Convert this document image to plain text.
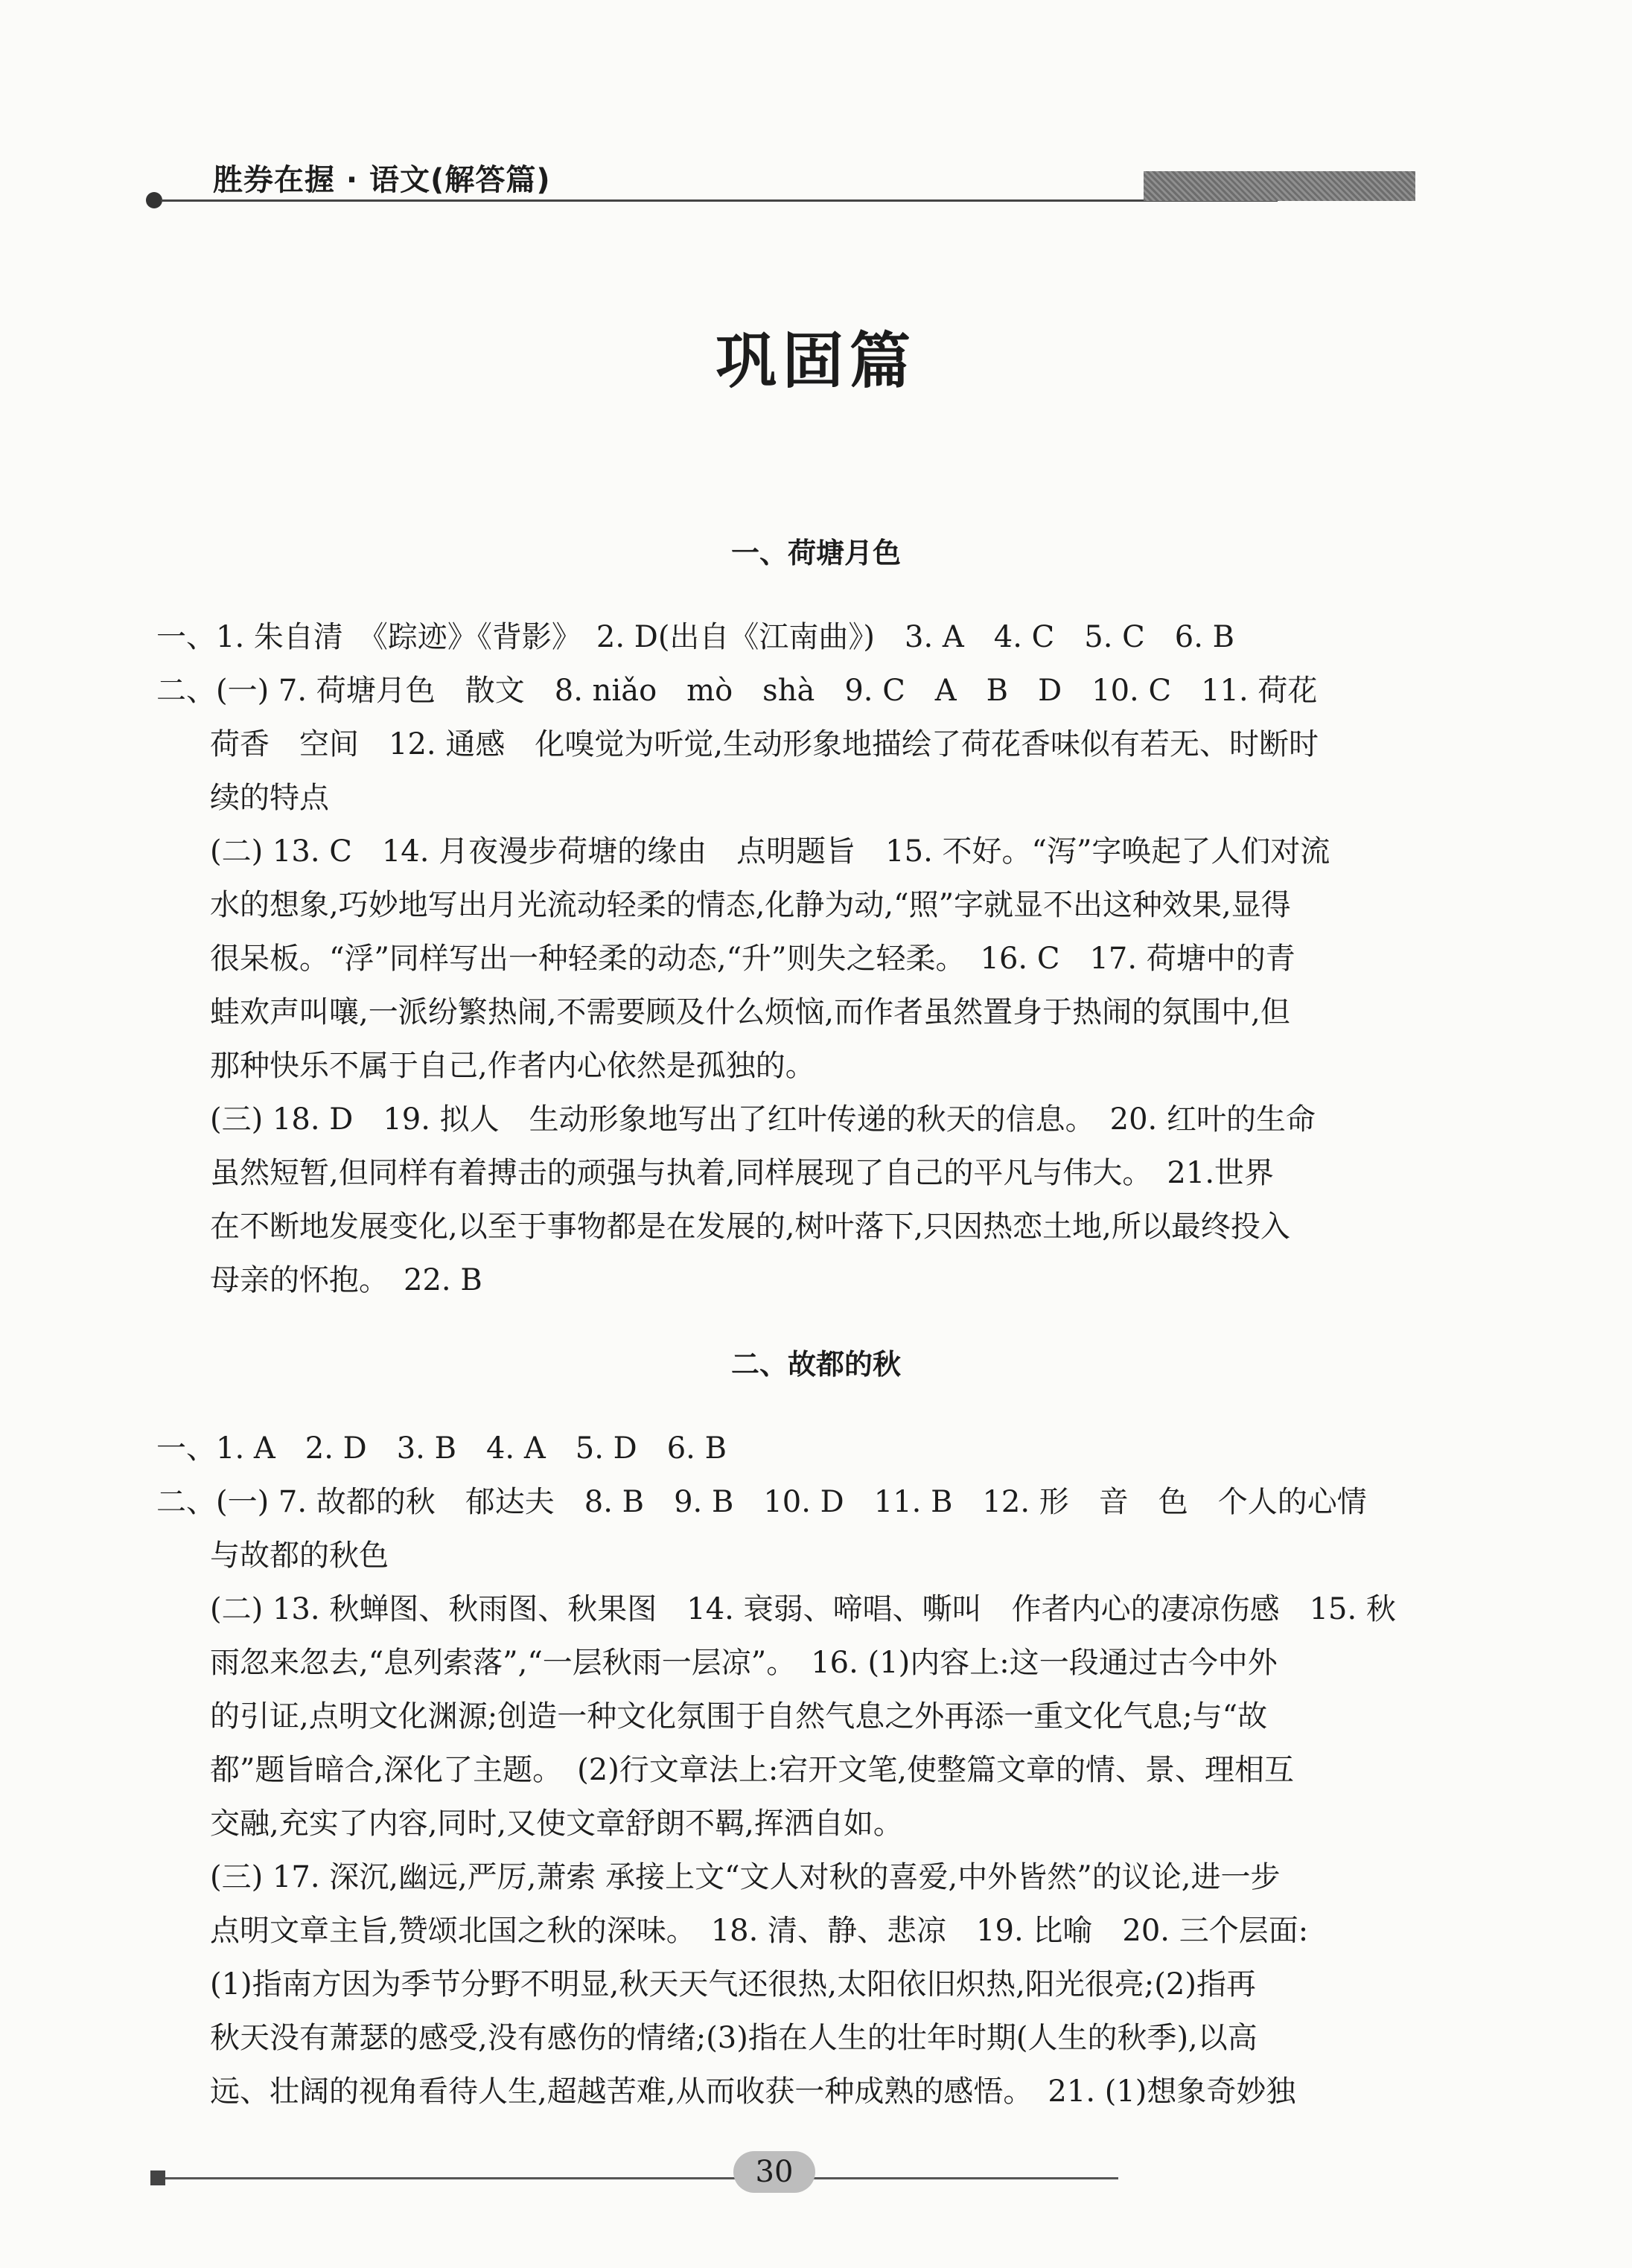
胜券在握 · 语文(解答篇)
巩固篇
一、荷塘月色
一、1. 朱自清　《踪迹》《背影》　2. D(出自《江南曲》)　3. A　4. C　5. C　6. B
二、(一) 7. 荷塘月色　散文　8. niǎo　mò　shà　9. C　A　B　D　10. C　11. 荷花
荷香　空间　12. 通感　化嗅觉为听觉,生动形象地描绘了荷花香味似有若无、时断时
续的特点
(二) 13. C　14. 月夜漫步荷塘的缘由　点明题旨　15. 不好。“泻”字唤起了人们对流
水的想象,巧妙地写出月光流动轻柔的情态,化静为动,“照”字就显不出这种效果,显得
很呆板。“浮”同样写出一种轻柔的动态,“升”则失之轻柔。　16. C　17. 荷塘中的青
蛙欢声叫嚷,一派纷繁热闹,不需要顾及什么烦恼,而作者虽然置身于热闹的氛围中,但
那种快乐不属于自己,作者内心依然是孤独的。
(三) 18. D　19. 拟人　生动形象地写出了红叶传递的秋天的信息。　20. 红叶的生命
虽然短暂,但同样有着搏击的顽强与执着,同样展现了自己的平凡与伟大。　21.世界
在不断地发展变化,以至于事物都是在发展的,树叶落下,只因热恋土地,所以最终投入
母亲的怀抱。　22. B
二、故都的秋
一、1. A　2. D　3. B　4. A　5. D　6. B
二、(一) 7. 故都的秋　郁达夫　8. B　9. B　10. D　11. B　12. 形　音　色　个人的心情
与故都的秋色
(二) 13. 秋蝉图、秋雨图、秋果图　14. 衰弱、啼唱、嘶叫　作者内心的凄凉伤感　15. 秋
雨忽来忽去,“息列索落”,“一层秋雨一层凉”。　16. (1)内容上:这一段通过古今中外
的引证,点明文化渊源;创造一种文化氛围于自然气息之外再添一重文化气息;与“故
都”题旨暗合,深化了主题。　(2)行文章法上:宕开文笔,使整篇文章的情、景、理相互
交融,充实了内容,同时,又使文章舒朗不羁,挥洒自如。
(三) 17. 深沉,幽远,严厉,萧索 承接上文“文人对秋的喜爱,中外皆然”的议论,进一步
点明文章主旨,赞颂北国之秋的深味。　18. 清、静、悲凉　19. 比喻　20. 三个层面:
(1)指南方因为季节分野不明显,秋天天气还很热,太阳依旧炽热,阳光很亮;(2)指再
秋天没有萧瑟的感受,没有感伤的情绪;(3)指在人生的壮年时期(人生的秋季),以高
远、壮阔的视角看待人生,超越苦难,从而收获一种成熟的感悟。　21. (1)想象奇妙独
30
